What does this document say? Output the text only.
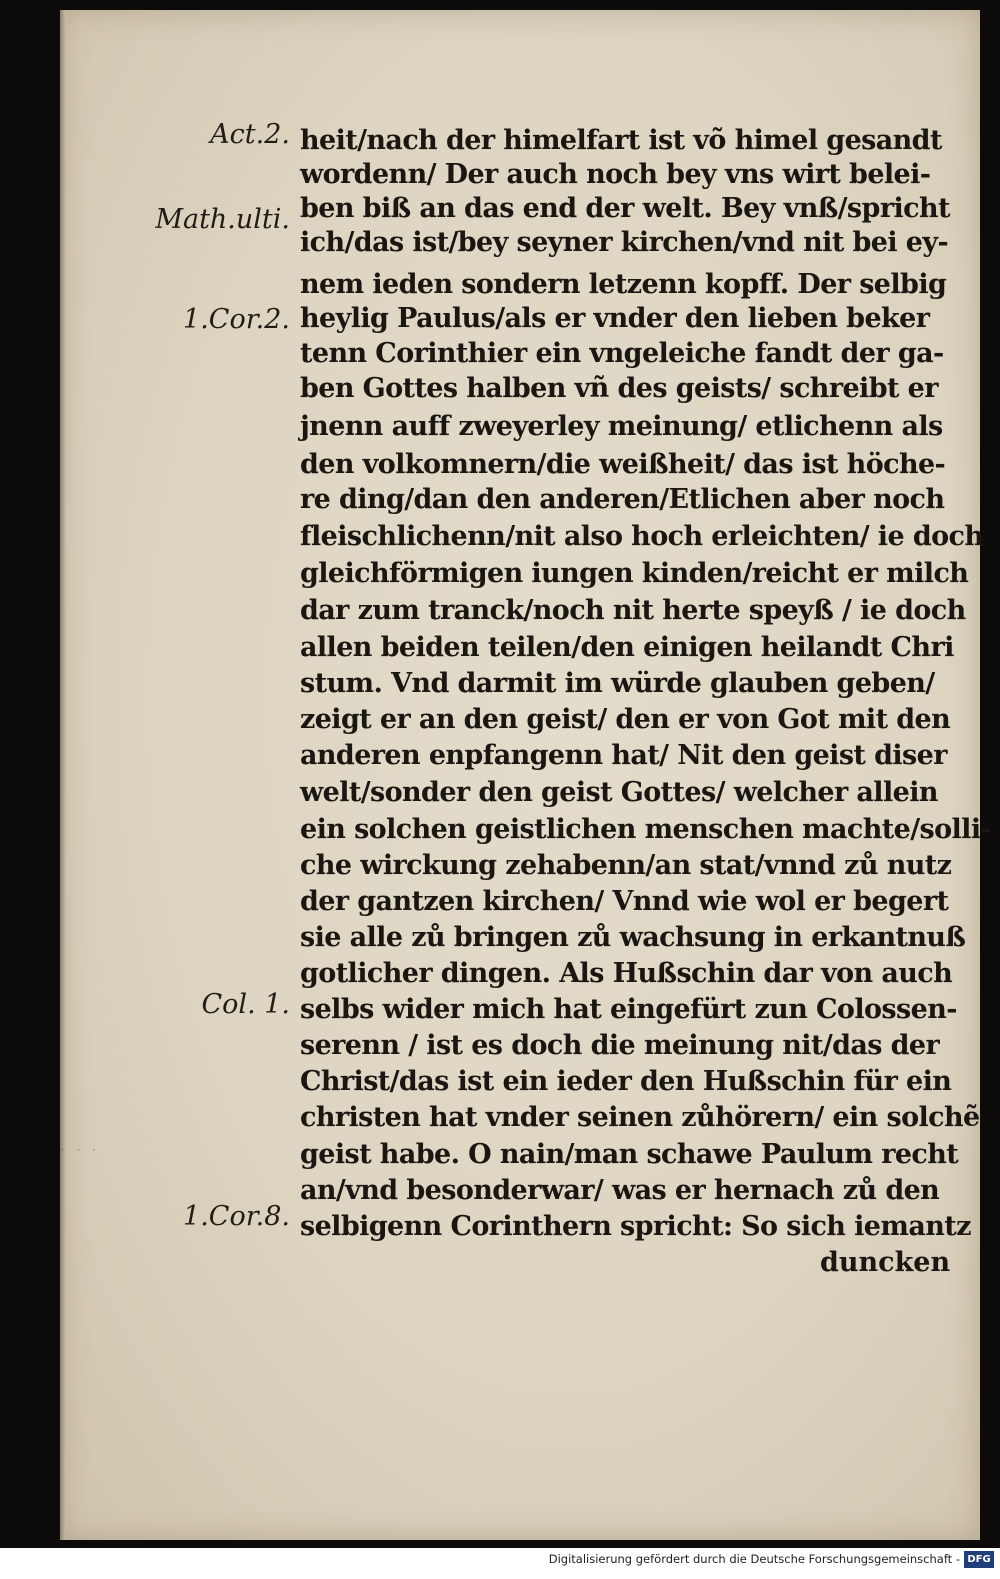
· · ·
Act.2.
Math.ulti.
1.Cor.2.
Col. 1.
1.Cor.8.
heit/nach der himelfart ist võ himel gesandt
wordenn/ Der auch noch bey vns wirt belei-
ben biß an das end der welt. Bey vnß/spricht
ich/das ist/bey seyner kirchen/vnd nit bei ey-
nem ieden sondern letzenn kopff. Der selbig
heylig Paulus/als er vnder den lieben beker
tenn Corinthier ein vngeleiche fandt der ga-
ben Gottes halben vñ des geists/ schreibt er
jnenn auff zweyerley meinung/ etlichenn als
den volkomnern/die weißheit/ das ist höche-
re ding/dan den anderen/Etlichen aber noch
fleischlichenn/nit also hoch erleichten/ ie doch
gleichförmigen iungen kinden/reicht er milch
dar zum tranck/noch nit herte speyß / ie doch
allen beiden teilen/den einigen heilandt Chri
stum. Vnd darmit im würde glauben geben/
zeigt er an den geist/ den er von Got mit den
anderen enpfangenn hat/ Nit den geist diser
welt/sonder den geist Gottes/ welcher allein
ein solchen geistlichen menschen machte/solli-
che wirckung zehabenn/an stat/vnnd zů nutz
der gantzen kirchen/ Vnnd wie wol er begert
sie alle zů bringen zů wachsung in erkantnuß
gotlicher dingen. Als Hußschin dar von auch
selbs wider mich hat eingefürt zun Colossen-
serenn / ist es doch die meinung nit/das der
Christ/das ist ein ieder den Hußschin für ein
christen hat vnder seinen zůhörern/ ein solchẽ
geist habe. O nain/man schawe Paulum recht
an/vnd besonderwar/ was er hernach zů den
selbigenn Corinthern spricht: So sich iemantz
duncken
Digitalisierung gefördert durch die Deutsche Forschungsgemeinschaft - DFG
